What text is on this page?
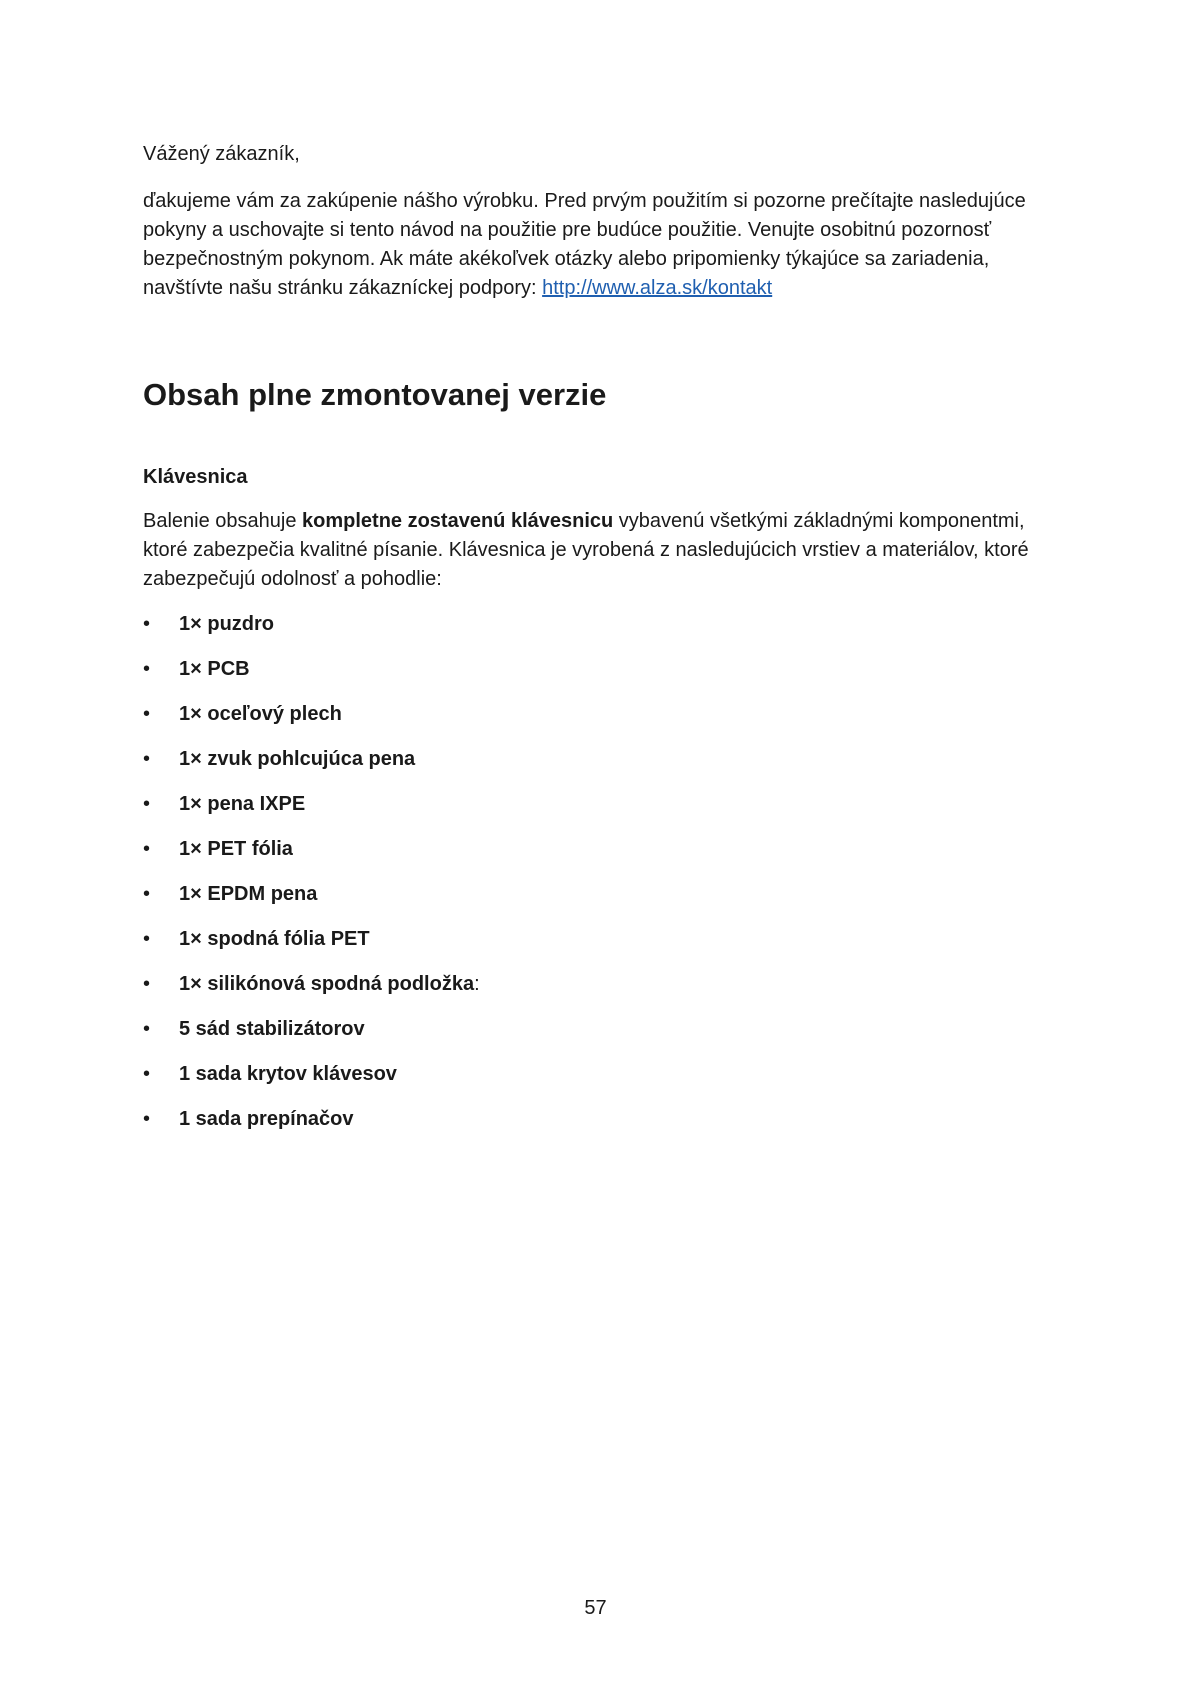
Vážený zákazník,

ďakujeme vám za zakúpenie nášho výrobku. Pred prvým použitím si pozorne prečítajte nasledujúce pokyny a uschovajte si tento návod na použitie pre budúce použitie. Venujte osobitnú pozornosť bezpečnostným pokynom. Ak máte akékoľvek otázky alebo pripomienky týkajúce sa zariadenia, navštívte našu stránku zákazníckej podpory: http://www.alza.sk/kontakt

Obsah plne zmontovanej verzie
Klávesnica

Balenie obsahuje kompletne zostavenú klávesnicu vybavenú všetkými základnými komponentmi, ktoré zabezpečia kvalitné písanie. Klávesnica je vyrobená z nasledujúcich vrstiev a materiálov, ktoré zabezpečujú odolnosť a pohodlie:

• 1× puzdro
• 1× PCB
• 1× oceľový plech
• 1× zvuk pohlcujúca pena
• 1× pena IXPE
• 1× PET fólia
• 1× EPDM pena
• 1× spodná fólia PET
• 1× silikónová spodná podložka:
• 5 sád stabilizátorov
• 1 sada krytov klávesov
• 1 sada prepínačov
57
